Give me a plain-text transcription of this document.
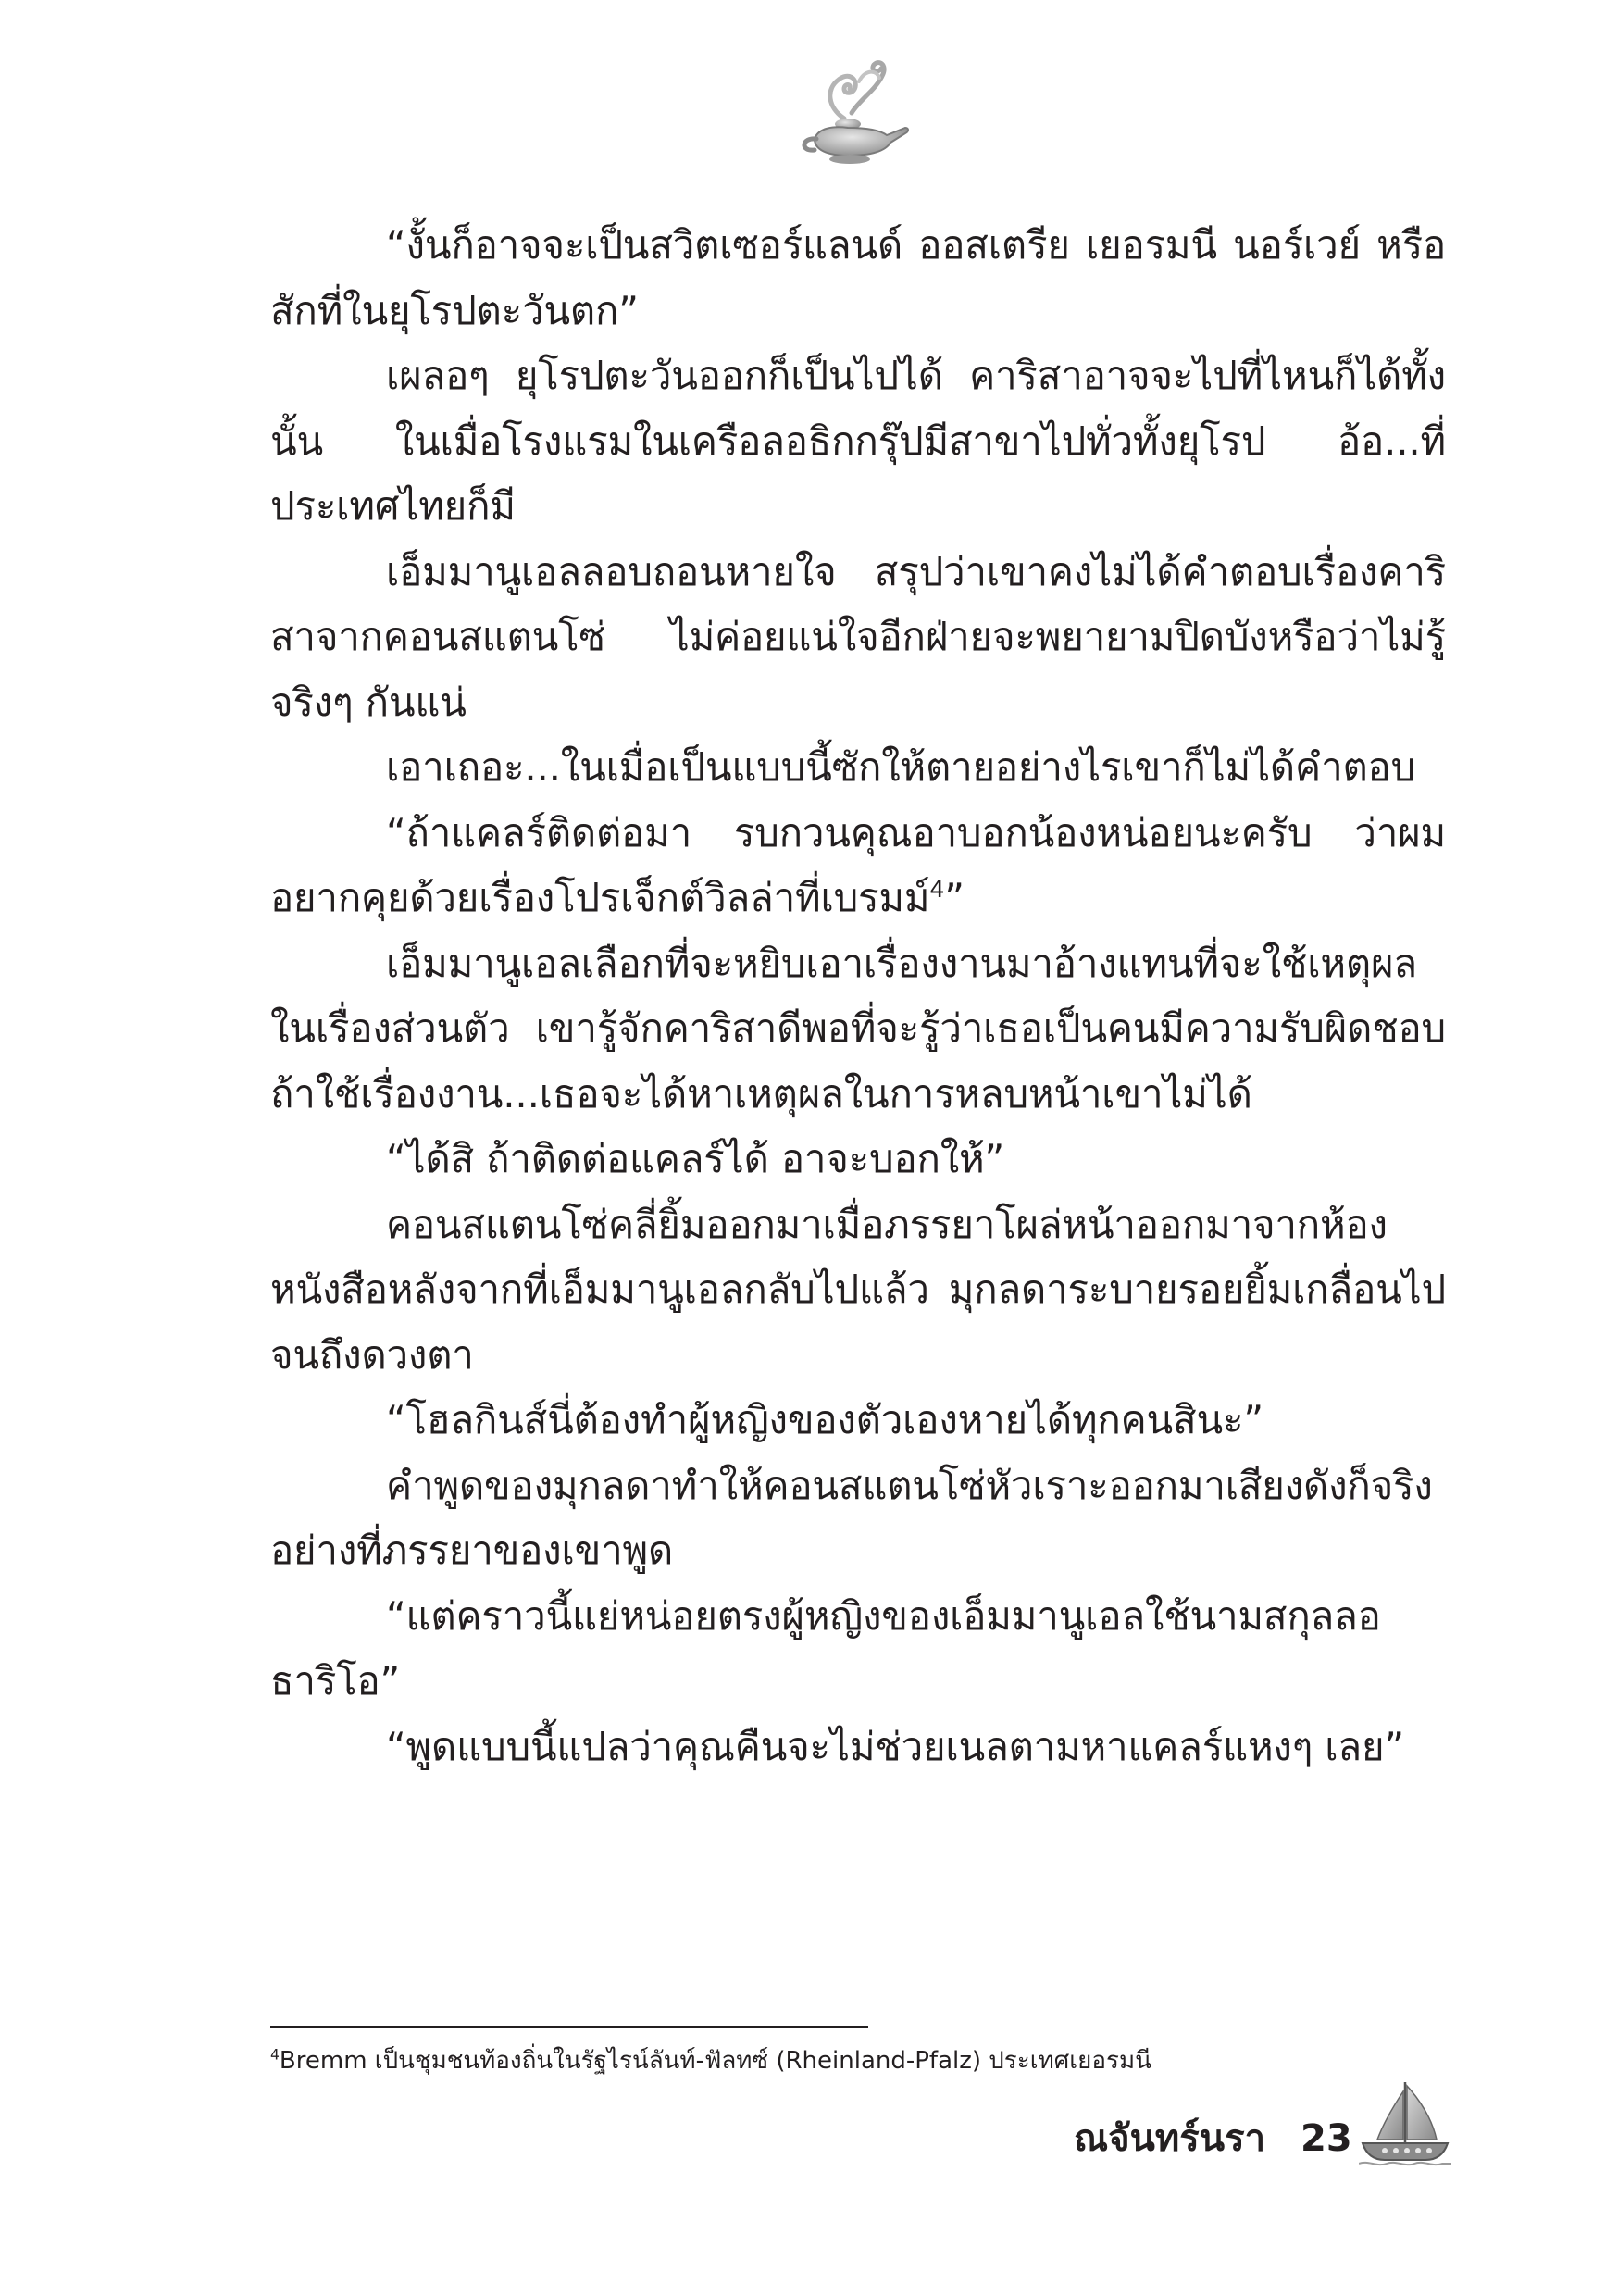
“งั้นก็อาจจะเป็นสวิตเซอร์แลนด์ ออสเตรีย เยอรมนี นอร์เวย์ หรือสักที่ในยุโรปตะวันตก”

เผลอๆ ยุโรปตะวันออกก็เป็นไปได้ คาริสาอาจจะไปที่ไหนก็ได้ทั้งนั้น ในเมื่อโรงแรมในเครือลอธิกกรุ๊ปมีสาขาไปทั่วทั้งยุโรป อ้อ...ที่ประเทศไทยก็มี

เอ็มมานูเอลลอบถอนหายใจ สรุปว่าเขาคงไม่ได้คำตอบเรื่องคาริสาจากคอนสแตนโซ่ ไม่ค่อยแน่ใจอีกฝ่ายจะพยายามปิดบังหรือว่าไม่รู้จริงๆ กันแน่

เอาเถอะ...ในเมื่อเป็นแบบนี้ซักให้ตายอย่างไรเขาก็ไม่ได้คำตอบ

“ถ้าแคลร์ติดต่อมา รบกวนคุณอาบอกน้องหน่อยนะครับ ว่าผมอยากคุยด้วยเรื่องโปรเจ็กต์วิลล่าที่เบรมม์$^4$”

เอ็มมานูเอลเลือกที่จะหยิบเอาเรื่องงานมาอ้างแทนที่จะใช้เหตุผลในเรื่องส่วนตัว เขารู้จักคาริสาดีพอที่จะรู้ว่าเธอเป็นคนมีความรับผิดชอบ ถ้าใช้เรื่องงาน...เธอจะได้หาเหตุผลในการหลบหน้าเขาไม่ได้

“ได้สิ ถ้าติดต่อแคลร์ได้ อาจะบอกให้”

คอนสแตนโซ่คลี่ยิ้มออกมาเมื่อภรรยาโผล่หน้าออกมาจากห้องหนังสือหลังจากที่เอ็มมานูเอลกลับไปแล้ว มุกลดาระบายรอยยิ้มเกลื่อนไปจนถึงดวงตา

“โฮลกินส์นี่ต้องทำผู้หญิงของตัวเองหายได้ทุกคนสินะ”

คำพูดของมุกลดาทำให้คอนสแตนโซ่หัวเราะออกมาเสียงดังก็จริงอย่างที่ภรรยาของเขาพูด

“แต่คราวนี้แย่หน่อยตรงผู้หญิงของเอ็มมานูเอลใช้นามสกุลลอธาริโอ”

“พูดแบบนี้แปลว่าคุณคืนจะไม่ช่วยเนลตามหาแคลร์แหงๆ เลย”

$^4$Bremm เป็นชุมชนท้องถิ่นในรัฐไรน์ลันท์-ฟัลทซ์ (Rheinland-Pfalz) ประเทศเยอรมนี

ณจันทร์นรา 23
